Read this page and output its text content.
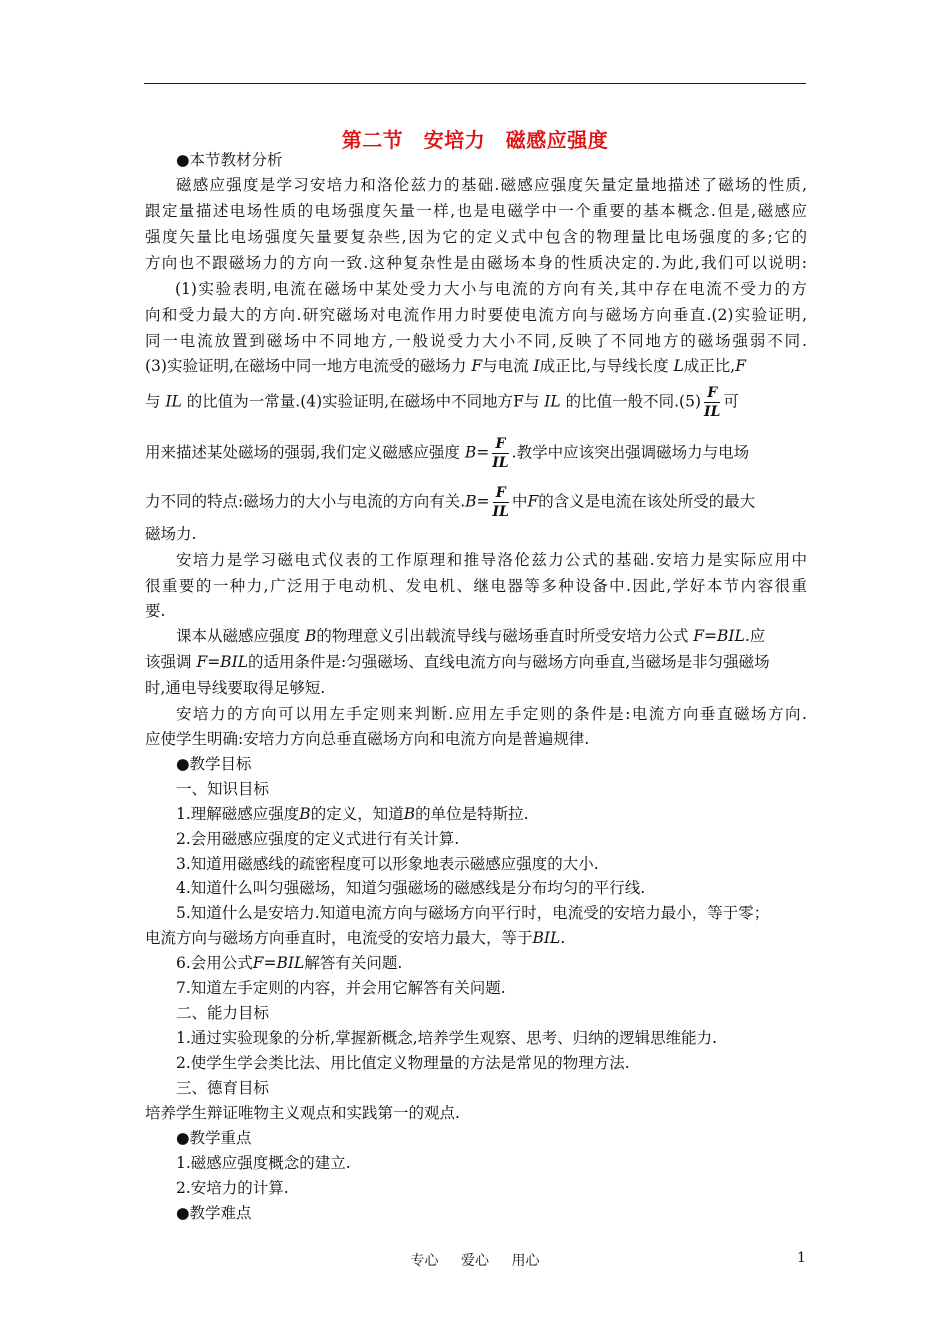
第二节　安培力　磁感应强度
●本节教材分析
磁感应强度是学习安培力和洛伦兹力的基础.磁感应强度矢量定量地描述了磁场的性质,
跟定量描述电场性质的电场强度矢量一样,也是电磁学中一个重要的基本概念.但是,磁感应
强度矢量比电场强度矢量要复杂些,因为它的定义式中包含的物理量比电场强度的多;它的
方向也不跟磁场力的方向一致.这种复杂性是由磁场本身的性质决定的.为此,我们可以说明:
(1)实验表明,电流在磁场中某处受力大小与电流的方向有关,其中存在电流不受力的方
向和受力最大的方向.研究磁场对电流作用力时要使电流方向与磁场方向垂直.(2)实验证明,
同一电流放置到磁场中不同地方,一般说受力大小不同,反映了不同地方的磁场强弱不同.
(3)实验证明,在磁场中同一地方电流受的磁场力 F与电流 I成正比,与导线长度 L成正比,F
与 IL 的比值为一常量.(4)实验证明,在磁场中不同地方F与 IL 的比值一般不同$.(5) \frac{F}{IL}$ 可
用来描述某处磁场的强弱,我们定义磁感应强度 $B= \frac{F}{IL}$ .教学中应该突出强调磁场力与电场
力不同的特点:磁场力的大小与电流的方向有关$.B= \frac{F}{IL}$ 中F的含义是电流在该处所受的最大
磁场力.
安培力是学习磁电式仪表的工作原理和推导洛伦兹力公式的基础.安培力是实际应用中
很重要的一种力,广泛用于电动机、发电机、继电器等多种设备中.因此,学好本节内容很重
要.
课本从磁感应强度 B的物理意义引出载流导线与磁场垂直时所受安培力公式 F=BIL.应
该强调 F=BIL的适用条件是:匀强磁场、直线电流方向与磁场方向垂直,当磁场是非匀强磁场
时,通电导线要取得足够短.
安培力的方向可以用左手定则来判断.应用左手定则的条件是:电流方向垂直磁场方向.
应使学生明确:安培力方向总垂直磁场方向和电流方向是普遍规律.
●教学目标
一、知识目标
1.理解磁感应强度B的定义，知道B的单位是特斯拉.
2.会用磁感应强度的定义式进行有关计算.
3.知道用磁感线的疏密程度可以形象地表示磁感应强度的大小.
4.知道什么叫匀强磁场，知道匀强磁场的磁感线是分布均匀的平行线.
5.知道什么是安培力.知道电流方向与磁场方向平行时，电流受的安培力最小，等于零；
电流方向与磁场方向垂直时，电流受的安培力最大，等于BIL.
6.会用公式F=BIL解答有关问题.
7.知道左手定则的内容，并会用它解答有关问题.
二、能力目标
1.通过实验现象的分析,掌握新概念,培养学生观察、思考、归纳的逻辑思维能力.
2.使学生学会类比法、用比值定义物理量的方法是常见的物理方法.
三、德育目标
培养学生辩证唯物主义观点和实践第一的观点.
●教学重点
1.磁感应强度概念的建立.
2.安培力的计算.
●教学难点
专心 爱心 用心	1
